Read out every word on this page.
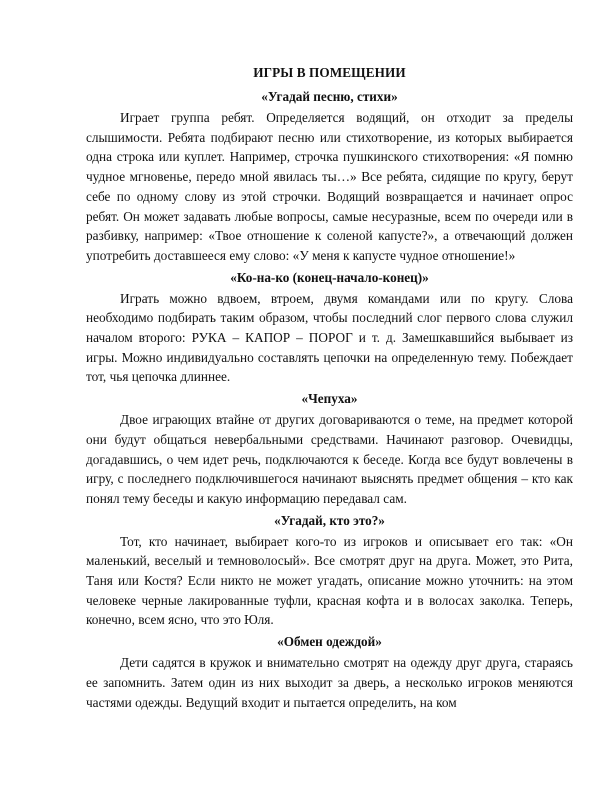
ИГРЫ В ПОМЕЩЕНИИ
«Угадай песню, стихи»

Играет группа ребят. Определяется водящий, он отходит за пределы слышимости. Ребята подбирают песню или стихотворение, из которых выбирается одна строка или куплет. Например, строчка пушкинского стихотворения: «Я помню чудное мгновенье, передо мной явилась ты…» Все ребята, сидящие по кругу, берут себе по одному слову из этой строчки. Водящий возвращается и начинает опрос ребят. Он может задавать любые вопросы, самые несуразные, всем по очереди или в разбивку, например: «Твое отношение к соленой капусте?», а отвечающий должен употребить доставшееся ему слово: «У меня к капусте чудное отношение!»

«Ко-на-ко (конец-начало-конец)»

Играть можно вдвоем, втроем, двумя командами или по кругу. Слова необходимо подбирать таким образом, чтобы последний слог первого слова служил началом второго: РУКА – КАПОР – ПОРОГ и т. д. Замешкавшийся выбывает из игры. Можно индивидуально составлять цепочки на определенную тему. Побеждает тот, чья цепочка длиннее.

«Чепуха»

Двое играющих втайне от других договариваются о теме, на предмет которой они будут общаться невербальными средствами. Начинают разговор. Очевидцы, догадавшись, о чем идет речь, подключаются к беседе. Когда все будут вовлечены в игру, с последнего подключившегося начинают выяснять предмет общения – кто как понял тему беседы и какую информацию передавал сам.

«Угадай, кто это?»

Тот, кто начинает, выбирает кого-то из игроков и описывает его так: «Он маленький, веселый и темноволосый». Все смотрят друг на друга. Может, это Рита, Таня или Костя? Если никто не может угадать, описание можно уточнить: на этом человеке черные лакированные туфли, красная кофта и в волосах заколка. Теперь, конечно, всем ясно, что это Юля.

«Обмен одеждой»

Дети садятся в кружок и внимательно смотрят на одежду друг друга, стараясь ее запомнить. Затем один из них выходит за дверь, а несколько игроков меняются частями одежды. Ведущий входит и пытается определить, на ком
